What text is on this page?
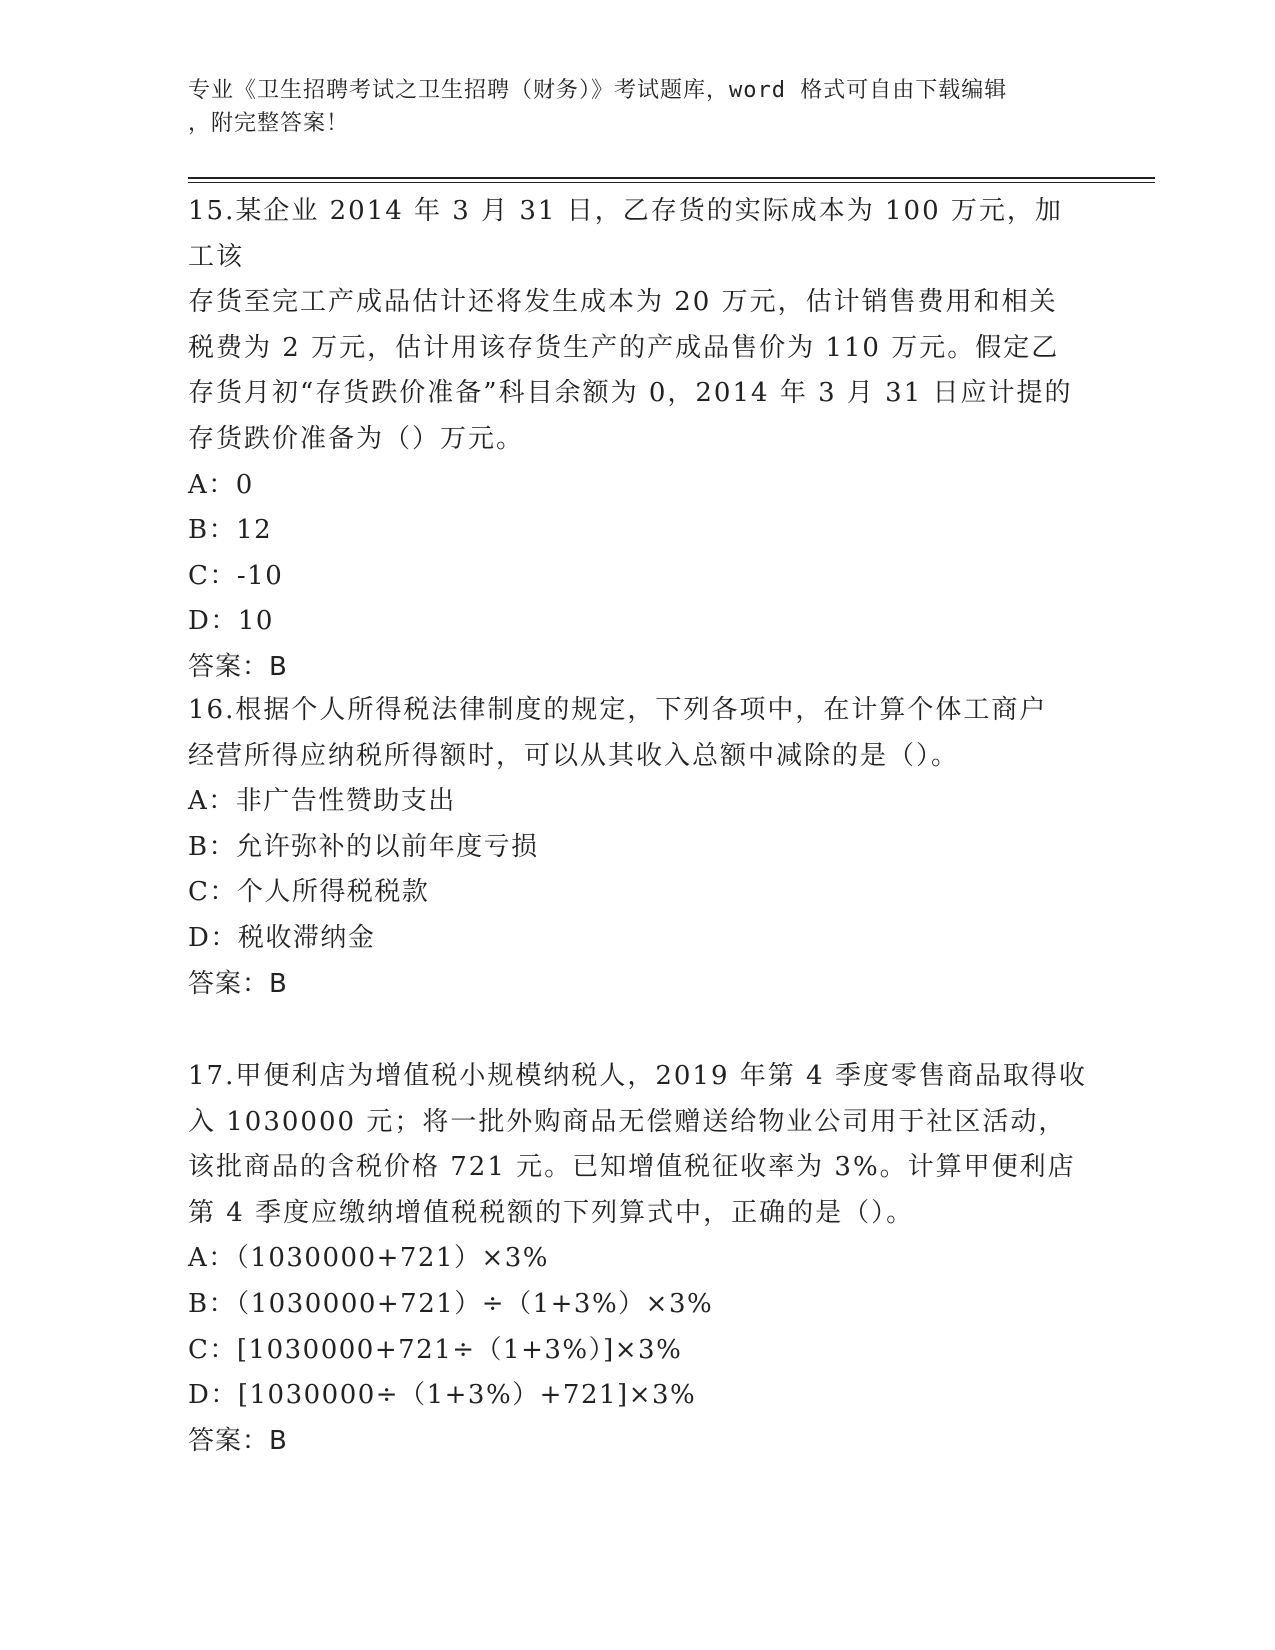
专业《卫生招聘考试之卫生招聘（财务）》考试题库，word 格式可自由下载编辑
，附完整答案！
15.某企业 2014 年 3 月 31 日，乙存货的实际成本为 100 万元，加工该
存货至完工产成品估计还将发生成本为 20 万元，估计销售费用和相关
税费为 2 万元，估计用该存货生产的产成品售价为 110 万元。假定乙
存货月初“存货跌价准备”科目余额为 0，2014 年 3 月 31 日应计提的
存货跌价准备为（）万元。
A：0
B：12
C：-10
D：10
答案：B
16.根据个人所得税法律制度的规定，下列各项中，在计算个体工商户
经营所得应纳税所得额时，可以从其收入总额中减除的是（）。
A：非广告性赞助支出
B：允许弥补的以前年度亏损
C：个人所得税税款
D：税收滞纳金
答案：B
17.甲便利店为增值税小规模纳税人，2019 年第 4 季度零售商品取得收
入 1030000 元；将一批外购商品无偿赠送给物业公司用于社区活动，
该批商品的含税价格 721 元。已知增值税征收率为 3%。计算甲便利店
第 4 季度应缴纳增值税税额的下列算式中，正确的是（）。
A：（1030000+721）×3%
B：（1030000+721）÷（1+3%）×3%
C：[1030000+721÷（1+3%）]×3%
D：[1030000÷（1+3%）+721]×3%
答案：B
